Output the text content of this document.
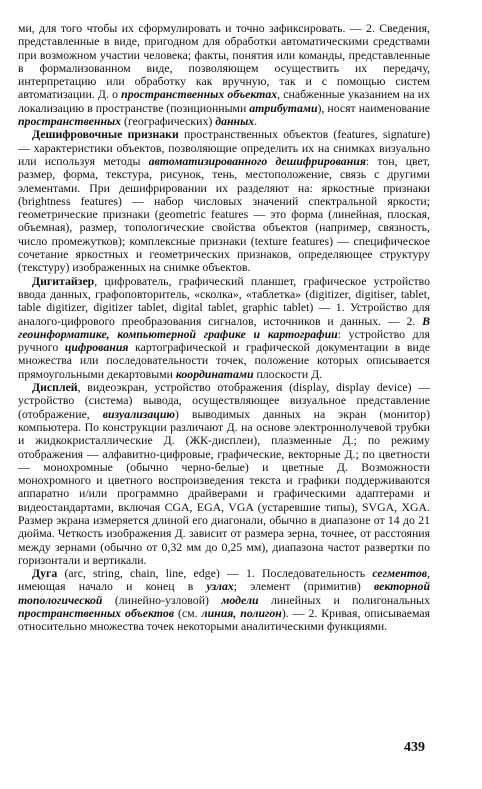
ми, для того чтобы их сформулировать и точно зафиксировать. — 2. Сведения, представленные в виде, пригодном для обработки автоматическими средствами при возможном участии человека; факты, понятия или команды, представленные в формализованном виде, позволяющем осуществить их передачу, интерпретацию или обработку как вручную, так и с помощью систем автоматизации. Д. о пространственных объектах, снабженные указанием на их локализацию в пространстве (позиционными атрибутами), носят наименование пространственных (географических) данных.

Дешифровочные признаки пространственных объектов (features, signature) — характеристики объектов, позволяющие определить их на снимках визуально или используя методы автоматизированного дешифрирования: тон, цвет, размер, форма, текстура, рисунок, тень, местоположение, связь с другими элементами. При дешифрировании их разделяют на: яркостные признаки (brightness features) — набор числовых значений спектральной яркости; геометрические признаки (geometric features — это форма (линейная, плоская, объемная), размер, топологические свойства объектов (например, связность, число промежутков); комплексные признаки (texture features) — специфическое сочетание яркостных и геометрических признаков, определяющее структуру (текстуру) изображенных на снимке объектов.

Дигитайзер, цифрователь, графический планшет, графическое устройство ввода данных, графоповторитель, «сколка», «таблетка» (digitizer, digitiser, tablet, table digitizer, digitizer tablet, digital tablet, graphic tablet) — 1. Устройство для аналого-цифрового преобразования сигналов, источников и данных. — 2. В геоинформатике, компьютерной графике и картографии: устройство для ручного цифрования картографической и графической документации в виде множества или последовательности точек, положение которых описывается прямоугольными декартовыми координатами плоскости Д.

Дисплей, видеоэкран, устройство отображения (display, display device) — устройство (система) вывода, осуществляющее визуальное представление (отображение, визуализацию) выводимых данных на экран (монитор) компьютера. По конструкции различают Д. на основе электроннолучевой трубки и жидкокристаллические Д. (ЖК-дисплеи), плазменные Д.; по режиму отображения — алфавитно-цифровые, графические, векторные Д.; по цветности — монохромные (обычно черно-белые) и цветные Д. Возможности монохромного и цветного воспроизведения текста и графики поддерживаются аппаратно и/или программно драйверами и графическими адаптерами и видеостандартами, включая CGA, EGA, VGA (устаревшие типы), SVGA, XGA. Размер экрана измеряется длиной его диагонали, обычно в диапазоне от 14 до 21 дюйма. Четкость изображения Д. зависит от размера зерна, точнее, от расстояния между зернами (обычно от 0,32 мм до 0,25 мм), диапазона частот развертки по горизонтали и вертикали.

Дуга (arc, string, chain, line, edge) — 1. Последовательность сегментов, имеющая начало и конец в узлах; элемент (примитив) векторной топологической (линейно-узловой) модели линейных и полигональных пространственных объектов (см. линия, полигон). — 2. Кривая, описываемая относительно множества точек некоторыми аналитическими функциями.

439
